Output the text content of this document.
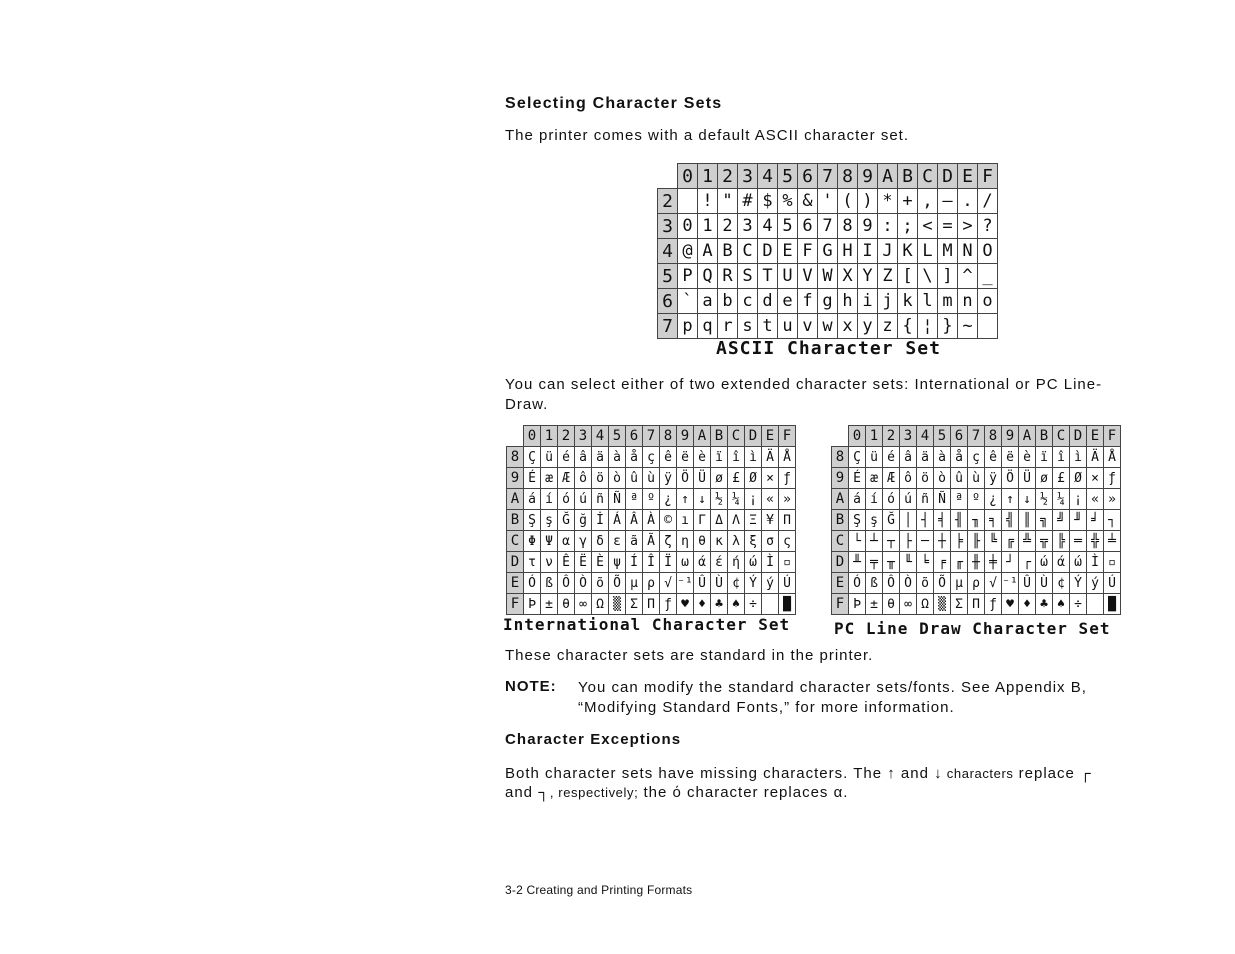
Selecting Character Sets
The printer comes with a default ASCII character set.
	0	1	2	3	4	5	6	7	8	9	A	B	C	D	E	F
2		!	"	#	$	%	&	'	(	)	*	+	,	–	.	/
3	0	1	2	3	4	5	6	7	8	9	:	;	<	=	>	?
4	@	A	B	C	D	E	F	G	H	I	J	K	L	M	N	O
5	P	Q	R	S	T	U	V	W	X	Y	Z	[	\	]	^	_
6	`	a	b	c	d	e	f	g	h	i	j	k	l	m	n	o
7	p	q	r	s	t	u	v	w	x	y	z	{	¦	}	~	
ASCII Character Set
You can select either of two extended character sets: International or PC Line-Draw.
	0	1	2	3	4	5	6	7	8	9	A	B	C	D	E	F
8	Ç	ü	é	â	ä	à	å	ç	ê	ë	è	ï	î	ì	Ä	Å
9	É	æ	Æ	ô	ö	ò	û	ù	ÿ	Ö	Ü	ø	£	Ø	×	ƒ
A	á	í	ó	ú	ñ	Ñ	ª	º	¿	↑	↓	½	¼	¡	«	»
B	Ş	ş	Ğ	ğ	İ	Á	Â	À	©	ı	Γ	Δ	Λ	Ξ	¥	Π
C	Φ	Ψ	α	γ	δ	ε	ã	Ã	ζ	η	θ	κ	λ	ξ	σ	ς
D	τ	ν	Ê	Ë	È	ψ	Í	Î	Ï	ω	ά	έ	ή	ώ	Ì	▫
E	Ó	ß	Ô	Ò	õ	Õ	µ	ρ	√	⁻¹	Û	Ù	¢	Ý	ý	Ú
F	Þ	±	θ	∞	Ω	▒	Σ	Π	ƒ	♥	♦	♣	♠	÷		█
International Character Set
	0	1	2	3	4	5	6	7	8	9	A	B	C	D	E	F
8	Ç	ü	é	â	ä	à	å	ç	ê	ë	è	ï	î	ì	Ä	Å
9	É	æ	Æ	ô	ö	ò	û	ù	ÿ	Ö	Ü	ø	£	Ø	×	ƒ
A	á	í	ó	ú	ñ	Ñ	ª	º	¿	↑	↓	½	¼	¡	«	»
B	Ş	ş	Ğ	│	┤	╡	╢	╖	╕	╣	║	╗	╝	╜	╛	┐
C	└	┴	┬	├	─	┼	╞	╟	╚	╔	╩	╦	╠	═	╬	╧
D	╨	╤	╥	╙	╘	╒	╓	╫	╪	┘	┌	ώ	ά	ώ	Ì	▫
E	Ó	ß	Ô	Ò	õ	Õ	µ	ρ	√	⁻¹	Û	Ù	¢	Ý	ý	Ú
F	Þ	±	θ	∞	Ω	▒	Σ	Π	ƒ	♥	♦	♣	♠	÷		█
PC Line Draw Character Set
These character sets are standard in the printer.
NOTE: You can modify the standard character sets/fonts. See Appendix B,
“Modifying Standard Fonts,” for more information.
Character Exceptions
Both character sets have missing characters. The ↑ and ↓ characters replace ┌
and ┐, respectively; the ό character replaces α.
3-2 Creating and Printing Formats
